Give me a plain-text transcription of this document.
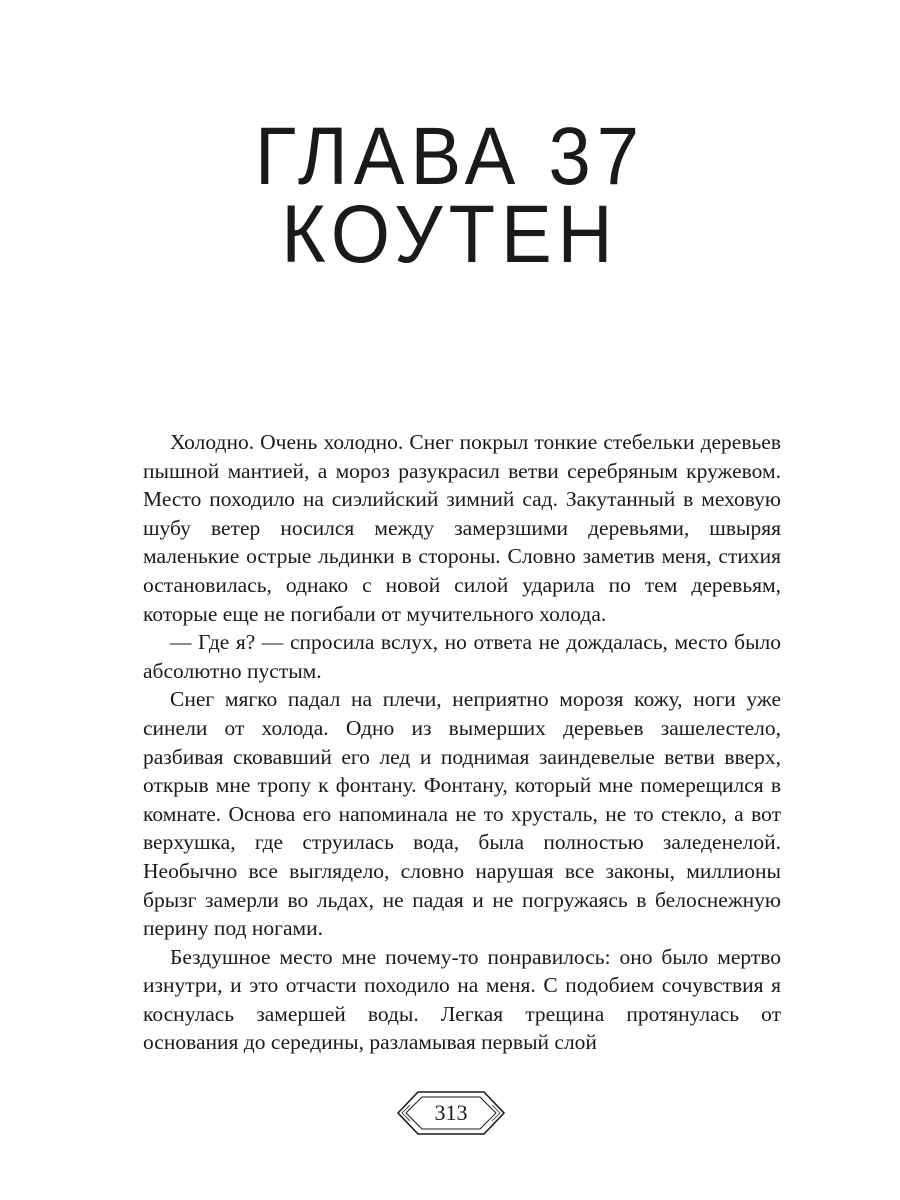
ГЛАВА 37
КОУТЕН

Холодно. Очень холодно. Снег покрыл тонкие стебельки деревьев пышной мантией, а мороз разукрасил ветви серебряным кружевом. Место походило на сиэлийский зимний сад. Закутанный в меховую шубу ветер носился между замерзшими деревьями, швыряя маленькие острые льдинки в стороны. Словно заметив меня, стихия остановилась, однако с новой силой ударила по тем деревьям, которые еще не погибали от мучительного холода.

— Где я? — спросила вслух, но ответа не дождалась, место было абсолютно пустым.

Снег мягко падал на плечи, неприятно морозя кожу, ноги уже синели от холода. Одно из вымерших деревьев зашелестело, разбивая сковавший его лед и поднимая заиндевелые ветви вверх, открыв мне тропу к фонтану. Фонтану, который мне померещился в комнате. Основа его напоминала не то хрусталь, не то стекло, а вот верхушка, где струилась вода, была полностью заледенелой. Необычно все выглядело, словно нарушая все законы, миллионы брызг замерли во льдах, не падая и не погружаясь в белоснежную перину под ногами.

Бездушное место мне почему-то понравилось: оно было мертво изнутри, и это отчасти походило на меня. С подобием сочувствия я коснулась замершей воды. Легкая трещина протянулась от основания до середины, разламывая первый слой

313
